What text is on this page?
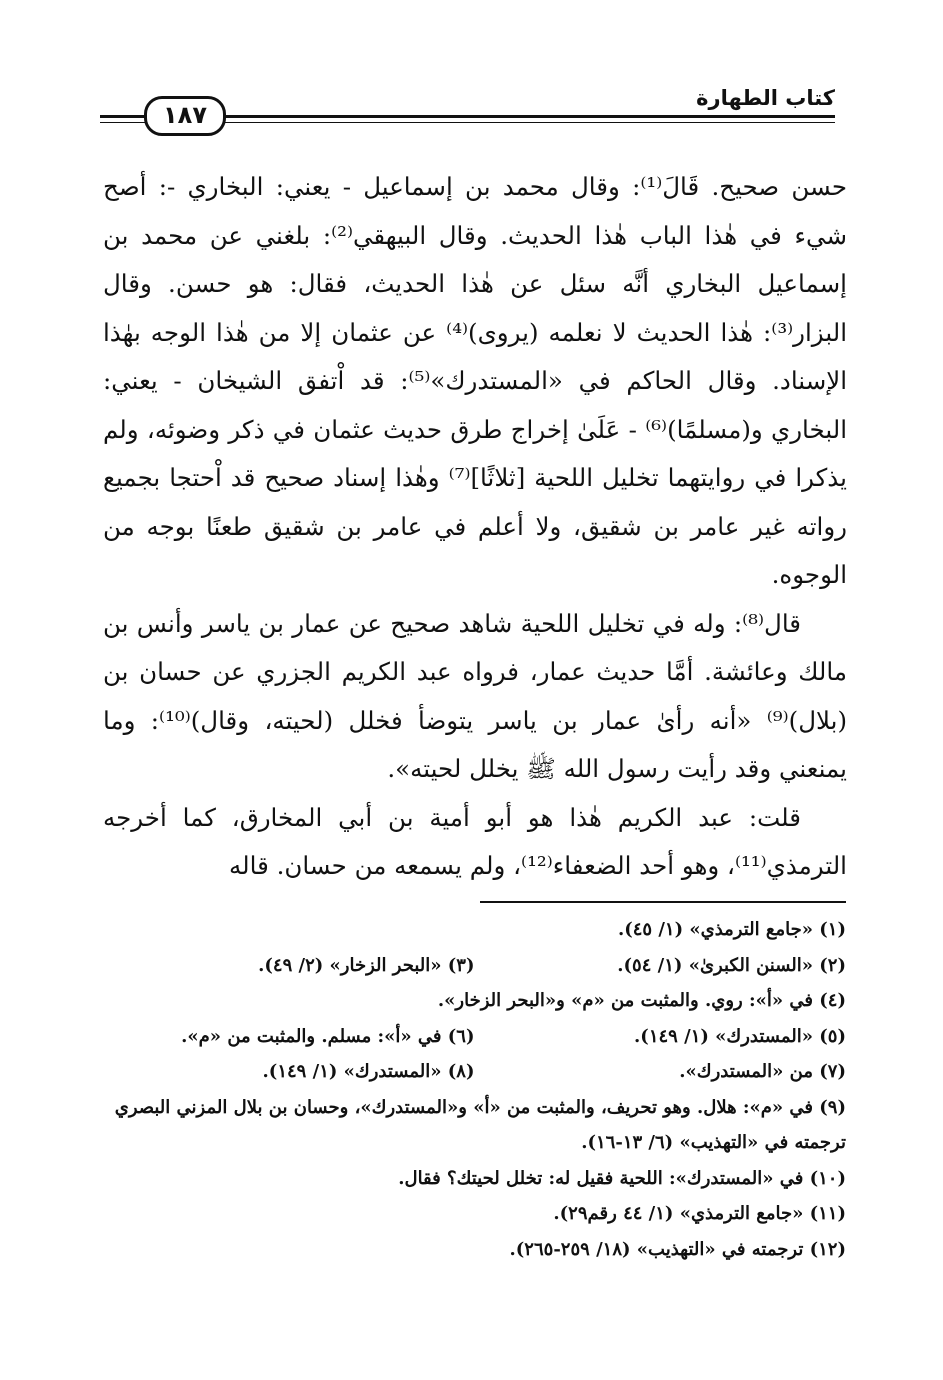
كتاب الطهارة
١٨٧

حسن صحيح. قَالَ⁽¹⁾: وقال محمد بن إسماعيل - يعني: البخاري -: أصح شيء في هٰذا الباب هٰذا الحديث. وقال البيهقي⁽²⁾: بلغني عن محمد بن إسماعيل البخاري أنَّه سئل عن هٰذا الحديث، فقال: هو حسن. وقال البزار⁽³⁾: هٰذا الحديث لا نعلمه (يروى)⁽⁴⁾ عن عثمان إلا من هٰذا الوجه بهٰذا الإسناد. وقال الحاكم في «المستدرك»⁽⁵⁾: قد اْتفق الشيخان - يعني: البخاري و(مسلمًا)⁽⁶⁾ - عَلَىٰ إخراج طرق حديث عثمان في ذكر وضوئه، ولم يذكرا في روايتهما تخليل اللحية [ثلاثًا]⁽⁷⁾ وهٰذا إسناد صحيح قد اْحتجا بجميع رواته غير عامر بن شقيق، ولا أعلم في عامر بن شقيق طعنًا بوجه من الوجوه.

قال⁽⁸⁾: وله في تخليل اللحية شاهد صحيح عن عمار بن ياسر وأنس بن مالك وعائشة. أمَّا حديث عمار، فرواه عبد الكريم الجزري عن حسان بن (بلال)⁽⁹⁾ «أنه رأىٰ عمار بن ياسر يتوضأ فخلل (لحيته، وقال)⁽¹⁰⁾: وما يمنعني وقد رأيت رسول الله ﷺ يخلل لحيته».

قلت: عبد الكريم هٰذا هو أبو أمية بن أبي المخارق، كما أخرجه الترمذي⁽¹¹⁾، وهو أحد الضعفاء⁽¹²⁾، ولم يسمعه من حسان. قاله

(١) «جامع الترمذي» (١/ ٤٥).
(٢) «السنن الكبرىٰ» (١/ ٥٤).
(٣) «البحر الزخار» (٢/ ٤٩).
(٤) في «أ»: روي. والمثبت من «م» و«البحر الزخار».
(٥) «المستدرك» (١/ ١٤٩).
(٦) في «أ»: مسلم. والمثبت من «م».
(٧) من «المستدرك».
(٨) «المستدرك» (١/ ١٤٩).
(٩) في «م»: هلال. وهو تحريف، والمثبت من «أ» و«المستدرك»، وحسان بن بلال المزني البصري ترجمته في «التهذيب» (٦/ ١٣-١٦).
(١٠) في «المستدرك»: اللحية فقيل له: تخلل لحيتك؟ فقال.
(١١) «جامع الترمذي» (١/ ٤٤ رقم٢٩).
(١٢) ترجمته في «التهذيب» (١٨/ ٢٥٩-٢٦٥).
